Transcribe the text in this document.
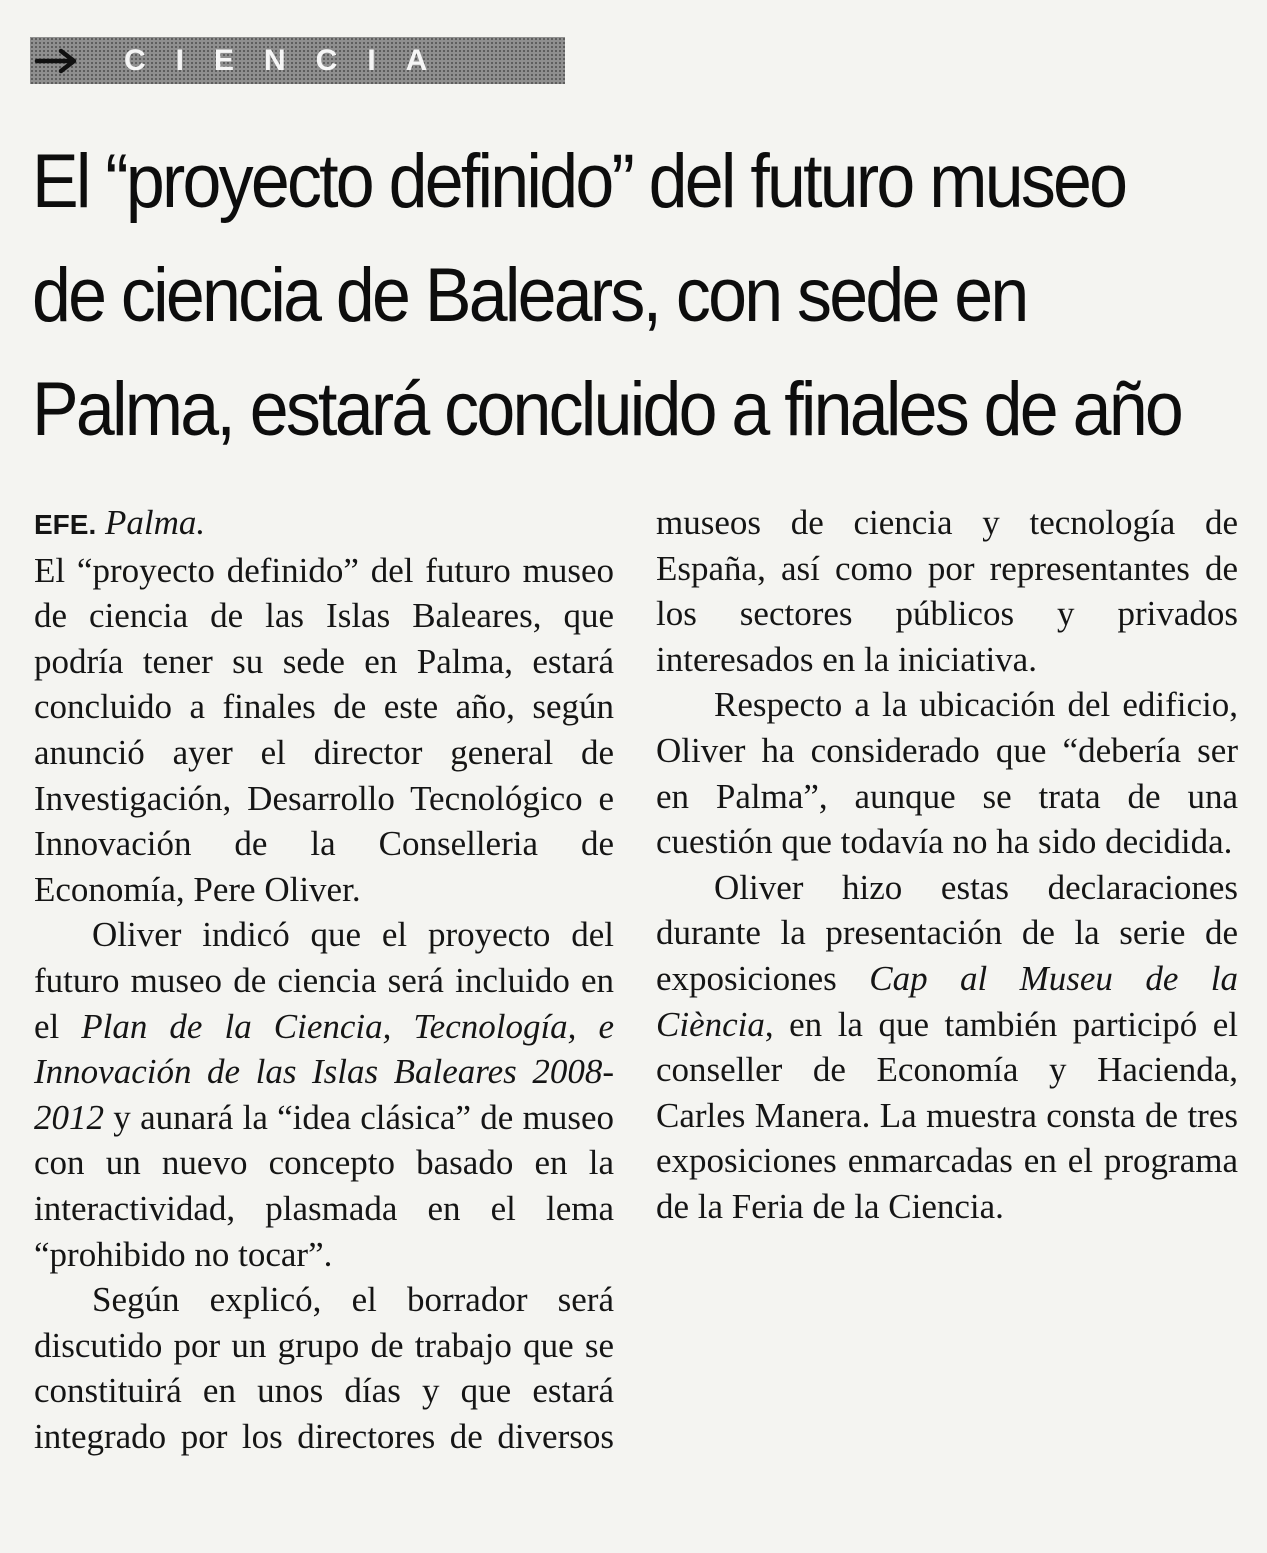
CIENCIA
El “proyecto definido” del futuro museo
de ciencia de Balears, con sede en
Palma, estará concluido a finales de año
EFE. Palma.

El “proyecto definido” del futuro museo de ciencia de las Islas Baleares, que podría tener su sede en Palma, estará concluido a finales de este año, según anunció ayer el director general de Investigación, Desarrollo Tecnológico e Innovación de la Conselleria de Economía, Pere Oliver.

Oliver indicó que el proyecto del futuro museo de ciencia será incluido en el Plan de la Ciencia, Tecnología, e Innovación de las Islas Baleares 2008-2012 y aunará la “idea clásica” de museo con un nuevo concepto basado en la interactividad, plasmada en el lema “prohibido no tocar”.

Según explicó, el borrador será discutido por un grupo de trabajo que se constituirá en unos días y que estará integrado por los directores de diversos

museos de ciencia y tecnología de España, así como por representantes de los sectores públicos y privados interesados en la iniciativa.

Respecto a la ubicación del edificio, Oliver ha considerado que “debería ser en Palma”, aunque se trata de una cuestión que todavía no ha sido decidida.

Oliver hizo estas declaraciones durante la presentación de la serie de exposiciones Cap al Museu de la Ciència, en la que también participó el conseller de Economía y Hacienda, Carles Manera. La muestra consta de tres exposiciones enmarcadas en el programa de la Feria de la Ciencia.
